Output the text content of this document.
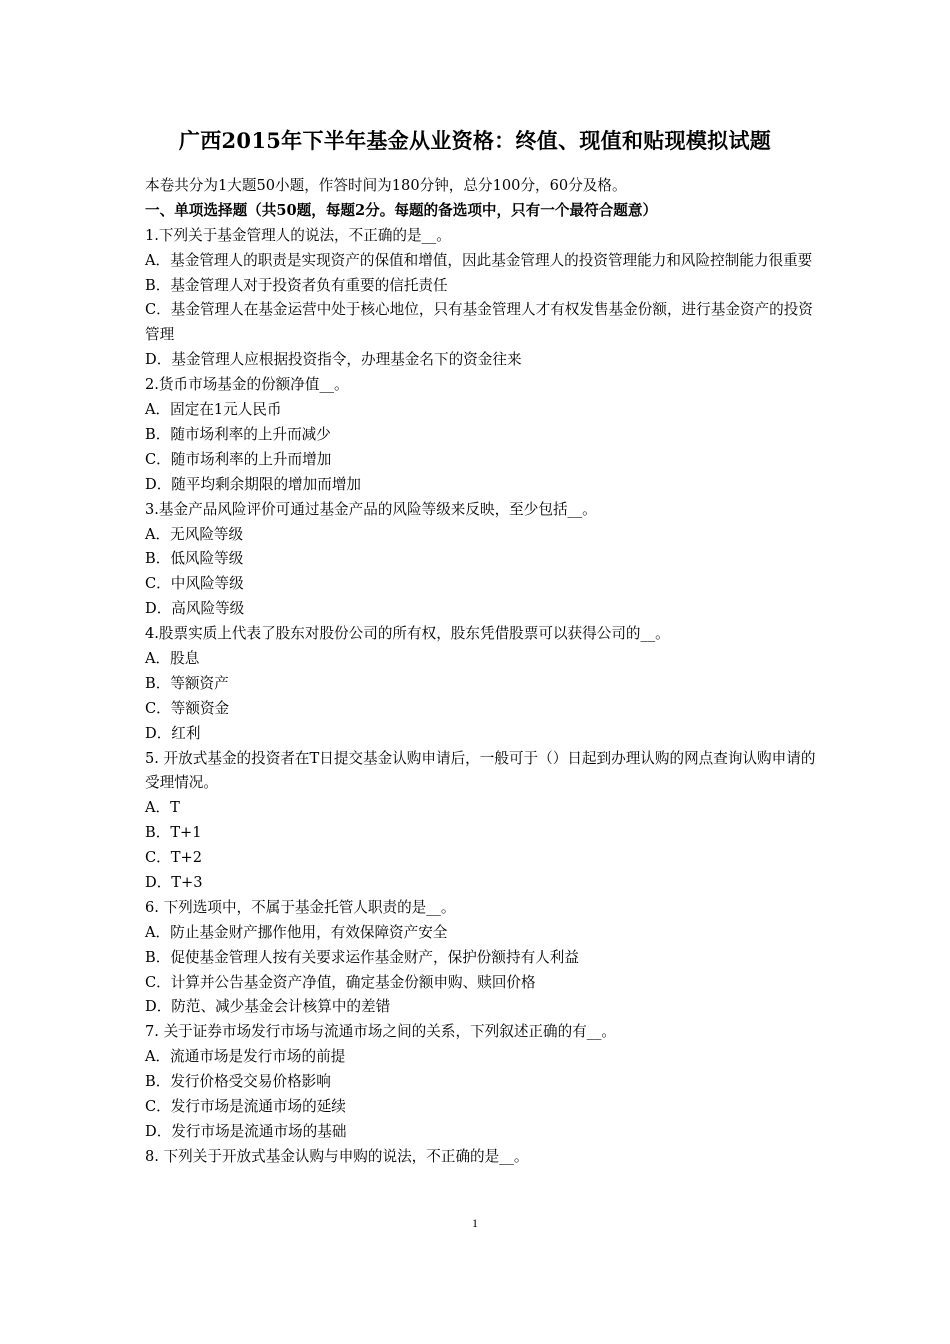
广西2015年下半年基金从业资格：终值、现值和贴现模拟试题
本卷共分为1大题50小题，作答时间为180分钟，总分100分，60分及格。
一、单项选择题（共50题，每题2分。每题的备选项中，只有一个最符合题意）
1.下列关于基金管理人的说法，不正确的是__。
A．基金管理人的职责是实现资产的保值和增值，因此基金管理人的投资管理能力和风险控制能力很重要
B．基金管理人对于投资者负有重要的信托责任
C．基金管理人在基金运营中处于核心地位，只有基金管理人才有权发售基金份额，进行基金资产的投资管理
D．基金管理人应根据投资指令，办理基金名下的资金往来
2.货币市场基金的份额净值__。
A．固定在1元人民币
B．随市场利率的上升而减少
C．随市场利率的上升而增加
D．随平均剩余期限的增加而增加
3.基金产品风险评价可通过基金产品的风险等级来反映，至少包括__。
A．无风险等级
B．低风险等级
C．中风险等级
D．高风险等级
4.股票实质上代表了股东对股份公司的所有权，股东凭借股票可以获得公司的__。
A．股息
B．等额资产
C．等额资金
D．红利
5. 开放式基金的投资者在T日提交基金认购申请后，一般可于（）日起到办理认购的网点查询认购申请的受理情况。
A．T
B．T+1
C．T+2
D．T+3
6. 下列选项中，不属于基金托管人职责的是__。
A．防止基金财产挪作他用，有效保障资产安全
B．促使基金管理人按有关要求运作基金财产，保护份额持有人利益
C．计算并公告基金资产净值，确定基金份额申购、赎回价格
D．防范、减少基金会计核算中的差错
7. 关于证券市场发行市场与流通市场之间的关系，下列叙述正确的有__。
A．流通市场是发行市场的前提
B．发行价格受交易价格影响
C．发行市场是流通市场的延续
D．发行市场是流通市场的基础
8. 下列关于开放式基金认购与申购的说法，不正确的是__。
1
